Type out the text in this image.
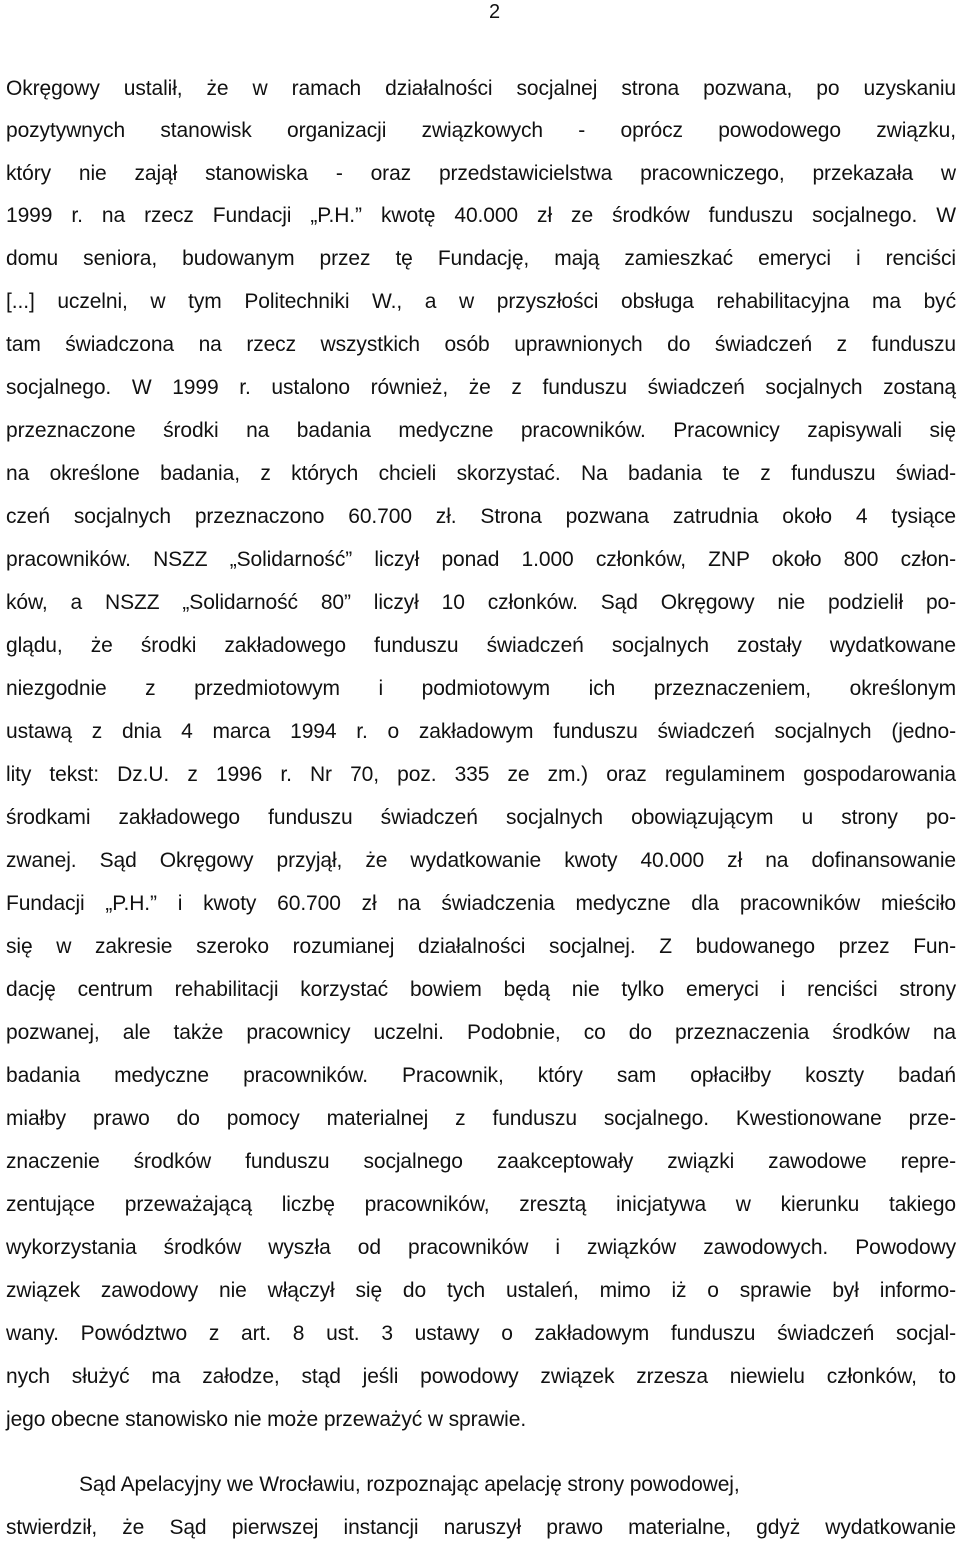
2
Okręgowy ustalił, że w ramach działalności socjalnej strona pozwana, po uzyskaniu
pozytywnych stanowisk organizacji związkowych - oprócz powodowego związku,
który nie zajął stanowiska - oraz przedstawicielstwa pracowniczego, przekazała w
1999 r. na rzecz Fundacji „P.H.” kwotę 40.000 zł ze środków funduszu socjalnego. W
domu seniora, budowanym przez tę Fundację, mają zamieszkać emeryci i renciści
[...] uczelni, w tym Politechniki W., a w przyszłości obsługa rehabilitacyjna ma być
tam świadczona na rzecz wszystkich osób uprawnionych do świadczeń z funduszu
socjalnego. W 1999 r. ustalono również, że z funduszu świadczeń socjalnych zostaną
przeznaczone środki na badania medyczne pracowników. Pracownicy zapisywali się
na określone badania, z których chcieli skorzystać. Na badania te z funduszu świad-
czeń socjalnych przeznaczono 60.700 zł. Strona pozwana zatrudnia około 4 tysiące
pracowników. NSZZ „Solidarność” liczył ponad 1.000 członków, ZNP około 800 człon-
ków, a NSZZ „Solidarność 80” liczył 10 członków. Sąd Okręgowy nie podzielił po-
glądu, że środki zakładowego funduszu świadczeń socjalnych zostały wydatkowane
niezgodnie z przedmiotowym i podmiotowym ich przeznaczeniem, określonym
ustawą z dnia 4 marca 1994 r. o zakładowym funduszu świadczeń socjalnych (jedno-
lity tekst: Dz.U. z 1996 r. Nr 70, poz. 335 ze zm.) oraz regulaminem gospodarowania
środkami zakładowego funduszu świadczeń socjalnych obowiązującym u strony po-
zwanej. Sąd Okręgowy przyjął, że wydatkowanie kwoty 40.000 zł na dofinansowanie
Fundacji „P.H.” i kwoty 60.700 zł na świadczenia medyczne dla pracowników mieściło
się w zakresie szeroko rozumianej działalności socjalnej. Z budowanego przez Fun-
dację centrum rehabilitacji korzystać bowiem będą nie tylko emeryci i renciści strony
pozwanej, ale także pracownicy uczelni. Podobnie, co do przeznaczenia środków na
badania medyczne pracowników. Pracownik, który sam opłaciłby koszty badań
miałby prawo do pomocy materialnej z funduszu socjalnego. Kwestionowane prze-
znaczenie środków funduszu socjalnego zaakceptowały związki zawodowe repre-
zentujące przeważającą liczbę pracowników, zresztą inicjatywa w kierunku takiego
wykorzystania środków wyszła od pracowników i związków zawodowych. Powodowy
związek zawodowy nie włączył się do tych ustaleń, mimo iż o sprawie był informo-
wany. Powództwo z art. 8 ust. 3 ustawy o zakładowym funduszu świadczeń socjal-
nych służyć ma załodze, stąd jeśli powodowy związek zrzesza niewielu członków, to
jego obecne stanowisko nie może przeważyć w sprawie.
Sąd Apelacyjny we Wrocławiu, rozpoznając apelację strony powodowej,
stwierdził, że Sąd pierwszej instancji naruszył prawo materialne, gdyż wydatkowanie
